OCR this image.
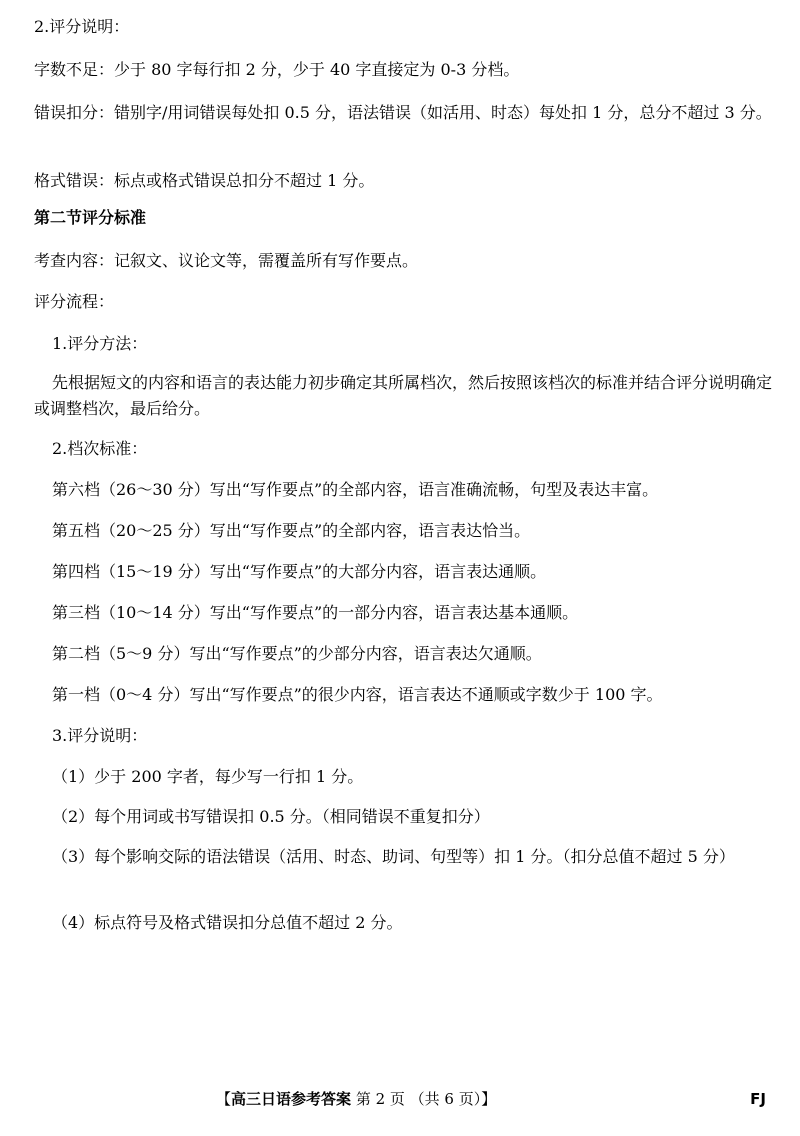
2.评分说明：
字数不足：少于 80 字每行扣 2 分，少于 40 字直接定为 0-3 分档。
错误扣分：错别字/用词错误每处扣 0.5 分，语法错误（如活用、时态）每处扣 1 分，总分不超过 3 分。
格式错误：标点或格式错误总扣分不超过 1 分。
第二节评分标准
考查内容：记叙文、议论文等，需覆盖所有写作要点。
评分流程：
1.评分方法：
先根据短文的内容和语言的表达能力初步确定其所属档次，然后按照该档次的标准并结合评分说明确定或调整档次，最后给分。
2.档次标准：
第六档（26～30 分）写出“写作要点”的全部内容，语言准确流畅，句型及表达丰富。
第五档（20～25 分）写出“写作要点”的全部内容，语言表达恰当。
第四档（15～19 分）写出“写作要点”的大部分内容，语言表达通顺。
第三档（10～14 分）写出“写作要点”的一部分内容，语言表达基本通顺。
第二档（5～9 分）写出“写作要点”的少部分内容，语言表达欠通顺。
第一档（0～4 分）写出“写作要点”的很少内容，语言表达不通顺或字数少于 100 字。
3.评分说明：
（1）少于 200 字者，每少写一行扣 1 分。
（2）每个用词或书写错误扣 0.5 分。（相同错误不重复扣分）
（3）每个影响交际的语法错误（活用、时态、助词、句型等）扣 1 分。（扣分总值不超过 5 分）
（4）标点符号及格式错误扣分总值不超过 2 分。
【高三日语参考答案 第 2 页 （共 6 页）】	FJ
